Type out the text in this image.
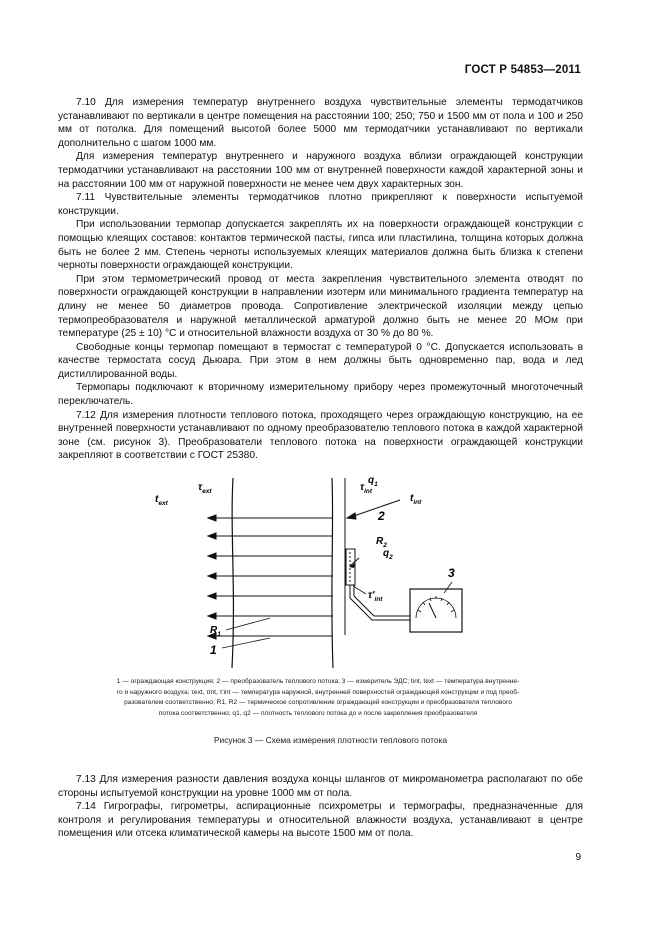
ГОСТ Р 54853—2011

7.10 Для измерения температур внутреннего воздуха чувствительные элементы термодатчиков устанавливают по вертикали в центре помещения на расстоянии 100; 250; 750 и 1500 мм от пола и 100 и 250 мм от потолка. Для помещений высотой более 5000 мм термодатчики устанавливают по вертикали дополнительно с шагом 1000 мм.

Для измерения температур внутреннего и наружного воздуха вблизи ограждающей конструкции термодатчики устанавливают на расстоянии 100 мм от внутренней поверхности каждой характерной зоны и на расстоянии 100 мм от наружной поверхности не менее чем двух характерных зон.

7.11 Чувствительные элементы термодатчиков плотно прикрепляют к поверхности испытуемой конструкции.

При использовании термопар допускается закреплять их на поверхности ограждающей конструкции с помощью клеящих составов: контактов термической пасты, гипса или пластилина, толщина которых должна быть не более 2 мм. Степень черноты используемых клеящих материалов должна быть близка к степени черноты поверхности ограждающей конструкции.

При этом термометрический провод от места закрепления чувствительного элемента отводят по поверхности ограждающей конструкции в направлении изотерм или минимального градиента температур на длину не менее 50 диаметров провода. Сопротивление электрической изоляции между цепью термопреобразователя и наружной металлической арматурой должно быть не менее 20 МОм при температуре (25 ± 10) °С и относительной влажности воздуха от 30 % до 80 %.

Свободные концы термопар помещают в термостат с температурой 0 °С. Допускается использовать в качестве термостата сосуд Дьюара. При этом в нем должны быть одновременно пар, вода и лед дистиллированной воды.

Термопары подключают к вторичному измерительному прибору через промежуточный многоточечный переключатель.

7.12 Для измерения плотности теплового потока, проходящего через ограждающую конструкцию, на ее внутренней поверхности устанавливают по одному преобразователю теплового потока в каждой характерной зоне (см. рисунок 3). Преобразователи теплового потока на поверхности ограждающей конструкции закрепляют в соответствии с ГОСТ 25380.

$t_{ext}$
$\tau_{ext}$	$\tau_{int}$
$q_1$
$t_{int}$
2
$R_2$
$q_2$
3
$\tau'_{int}$
$R_1$
1
1 — ограждающая конструкция; 2 — преобразователь теплового потока; 3 — измеритель ЭДС; tint, text — температура внутренне-
го и наружного воздуха; τext, τint, τ'int — температура наружной, внутренней поверхностей ограждающей конструкции и под преоб-
разователем соответственно; R1, R2 — термическое сопротивление ограждающей конструкции и преобразователя теплового
потока соответственно; q1, q2 — плотность теплового потока до и после закрепления преобразователя
Рисунок 3 — Схема измерения плотности теплового потока

7.13 Для измерения разности давления воздуха концы шлангов от микроманометра располагают по обе стороны испытуемой конструкции на уровне 1000 мм от пола.

7.14 Гигрографы, гигрометры, аспирационные психрометры и термографы, предназначенные для контроля и регулирования температуры и относительной влажности воздуха, устанавливают в центре помещения или отсека климатической камеры на высоте 1500 мм от пола.

9
